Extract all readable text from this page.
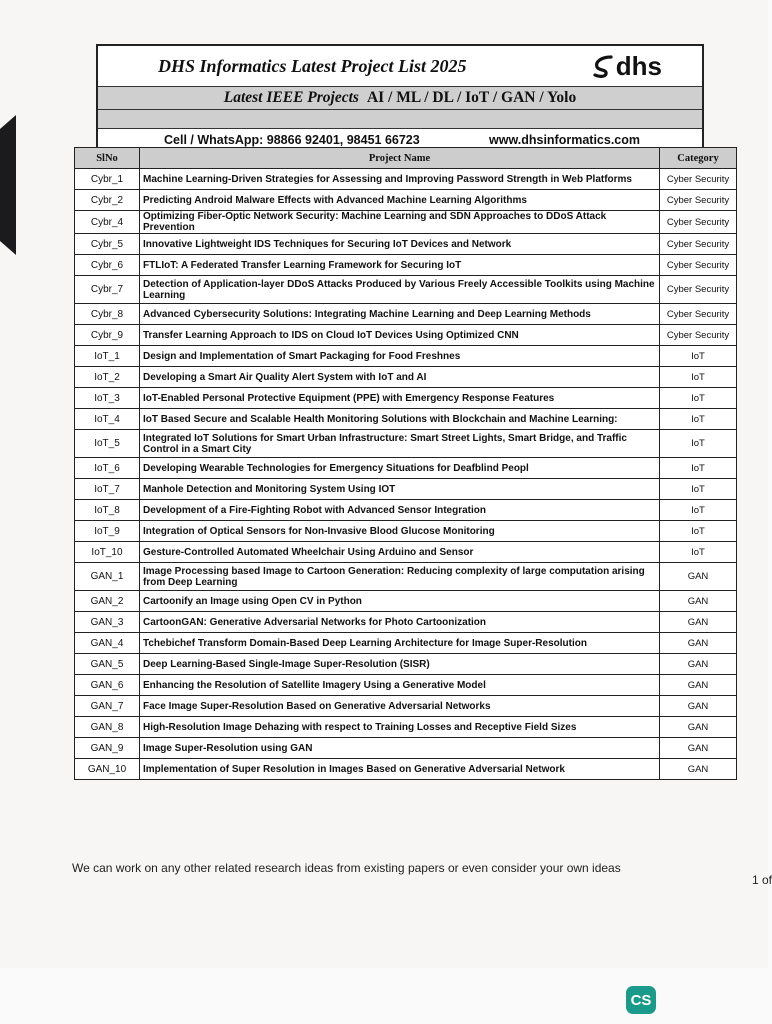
DHS Informatics Latest Project List 2025	dhs
Latest IEEE Projects AI / ML / DL / IoT / GAN / Yolo
Cell / WhatsApp: 98866 92401, 98451 66723	www.dhsinformatics.com
SlNo	Project Name	Category
Cybr_1	Machine Learning-Driven Strategies for Assessing and Improving Password Strength in Web Platforms	Cyber Security
Cybr_2	Predicting Android Malware Effects with Advanced Machine Learning Algorithms	Cyber Security
Cybr_4	Optimizing Fiber-Optic Network Security: Machine Learning and SDN Approaches to DDoS Attack Prevention	Cyber Security
Cybr_5	Innovative Lightweight IDS Techniques for Securing IoT Devices and Network	Cyber Security
Cybr_6	FTLIoT: A Federated Transfer Learning Framework for Securing IoT	Cyber Security
Cybr_7	Detection of Application-layer DDoS Attacks Produced by Various Freely Accessible Toolkits using Machine Learning	Cyber Security
Cybr_8	Advanced Cybersecurity Solutions: Integrating Machine Learning and Deep Learning Methods	Cyber Security
Cybr_9	Transfer Learning Approach to IDS on Cloud IoT Devices Using Optimized CNN	Cyber Security
IoT_1	Design and Implementation of Smart Packaging for Food Freshnes	IoT
IoT_2	Developing a Smart Air Quality Alert System with IoT and AI	IoT
IoT_3	IoT-Enabled Personal Protective Equipment (PPE) with Emergency Response Features	IoT
IoT_4	IoT Based Secure and Scalable Health Monitoring Solutions with Blockchain and Machine Learning:	IoT
IoT_5	Integrated IoT Solutions for Smart Urban Infrastructure: Smart Street Lights, Smart Bridge, and Traffic Control in a Smart City	IoT
IoT_6	Developing Wearable Technologies for Emergency Situations for Deafblind Peopl	IoT
IoT_7	Manhole Detection and Monitoring System Using IOT	IoT
IoT_8	Development of a Fire-Fighting Robot with Advanced Sensor Integration	IoT
IoT_9	Integration of Optical Sensors for Non-Invasive Blood Glucose Monitoring	IoT
IoT_10	Gesture-Controlled Automated Wheelchair Using Arduino and Sensor	IoT
GAN_1	Image Processing based Image to Cartoon Generation: Reducing complexity of large computation arising from Deep Learning	GAN
GAN_2	Cartoonify an Image using Open CV in Python	GAN
GAN_3	CartoonGAN: Generative Adversarial Networks for Photo Cartoonization	GAN
GAN_4	Tchebichef Transform Domain-Based Deep Learning Architecture for Image Super-Resolution	GAN
GAN_5	Deep Learning-Based Single-Image Super-Resolution (SISR)	GAN
GAN_6	Enhancing the Resolution of Satellite Imagery Using a Generative Model	GAN
GAN_7	Face Image Super-Resolution Based on Generative Adversarial Networks	GAN
GAN_8	High-Resolution Image Dehazing with respect to Training Losses and Receptive Field Sizes	GAN
GAN_9	Image Super-Resolution using GAN	GAN
GAN_10	Implementation of Super Resolution in Images Based on Generative Adversarial Network	GAN
We can work on any other related research ideas from existing papers or even consider your own ideas
1 of
CS
